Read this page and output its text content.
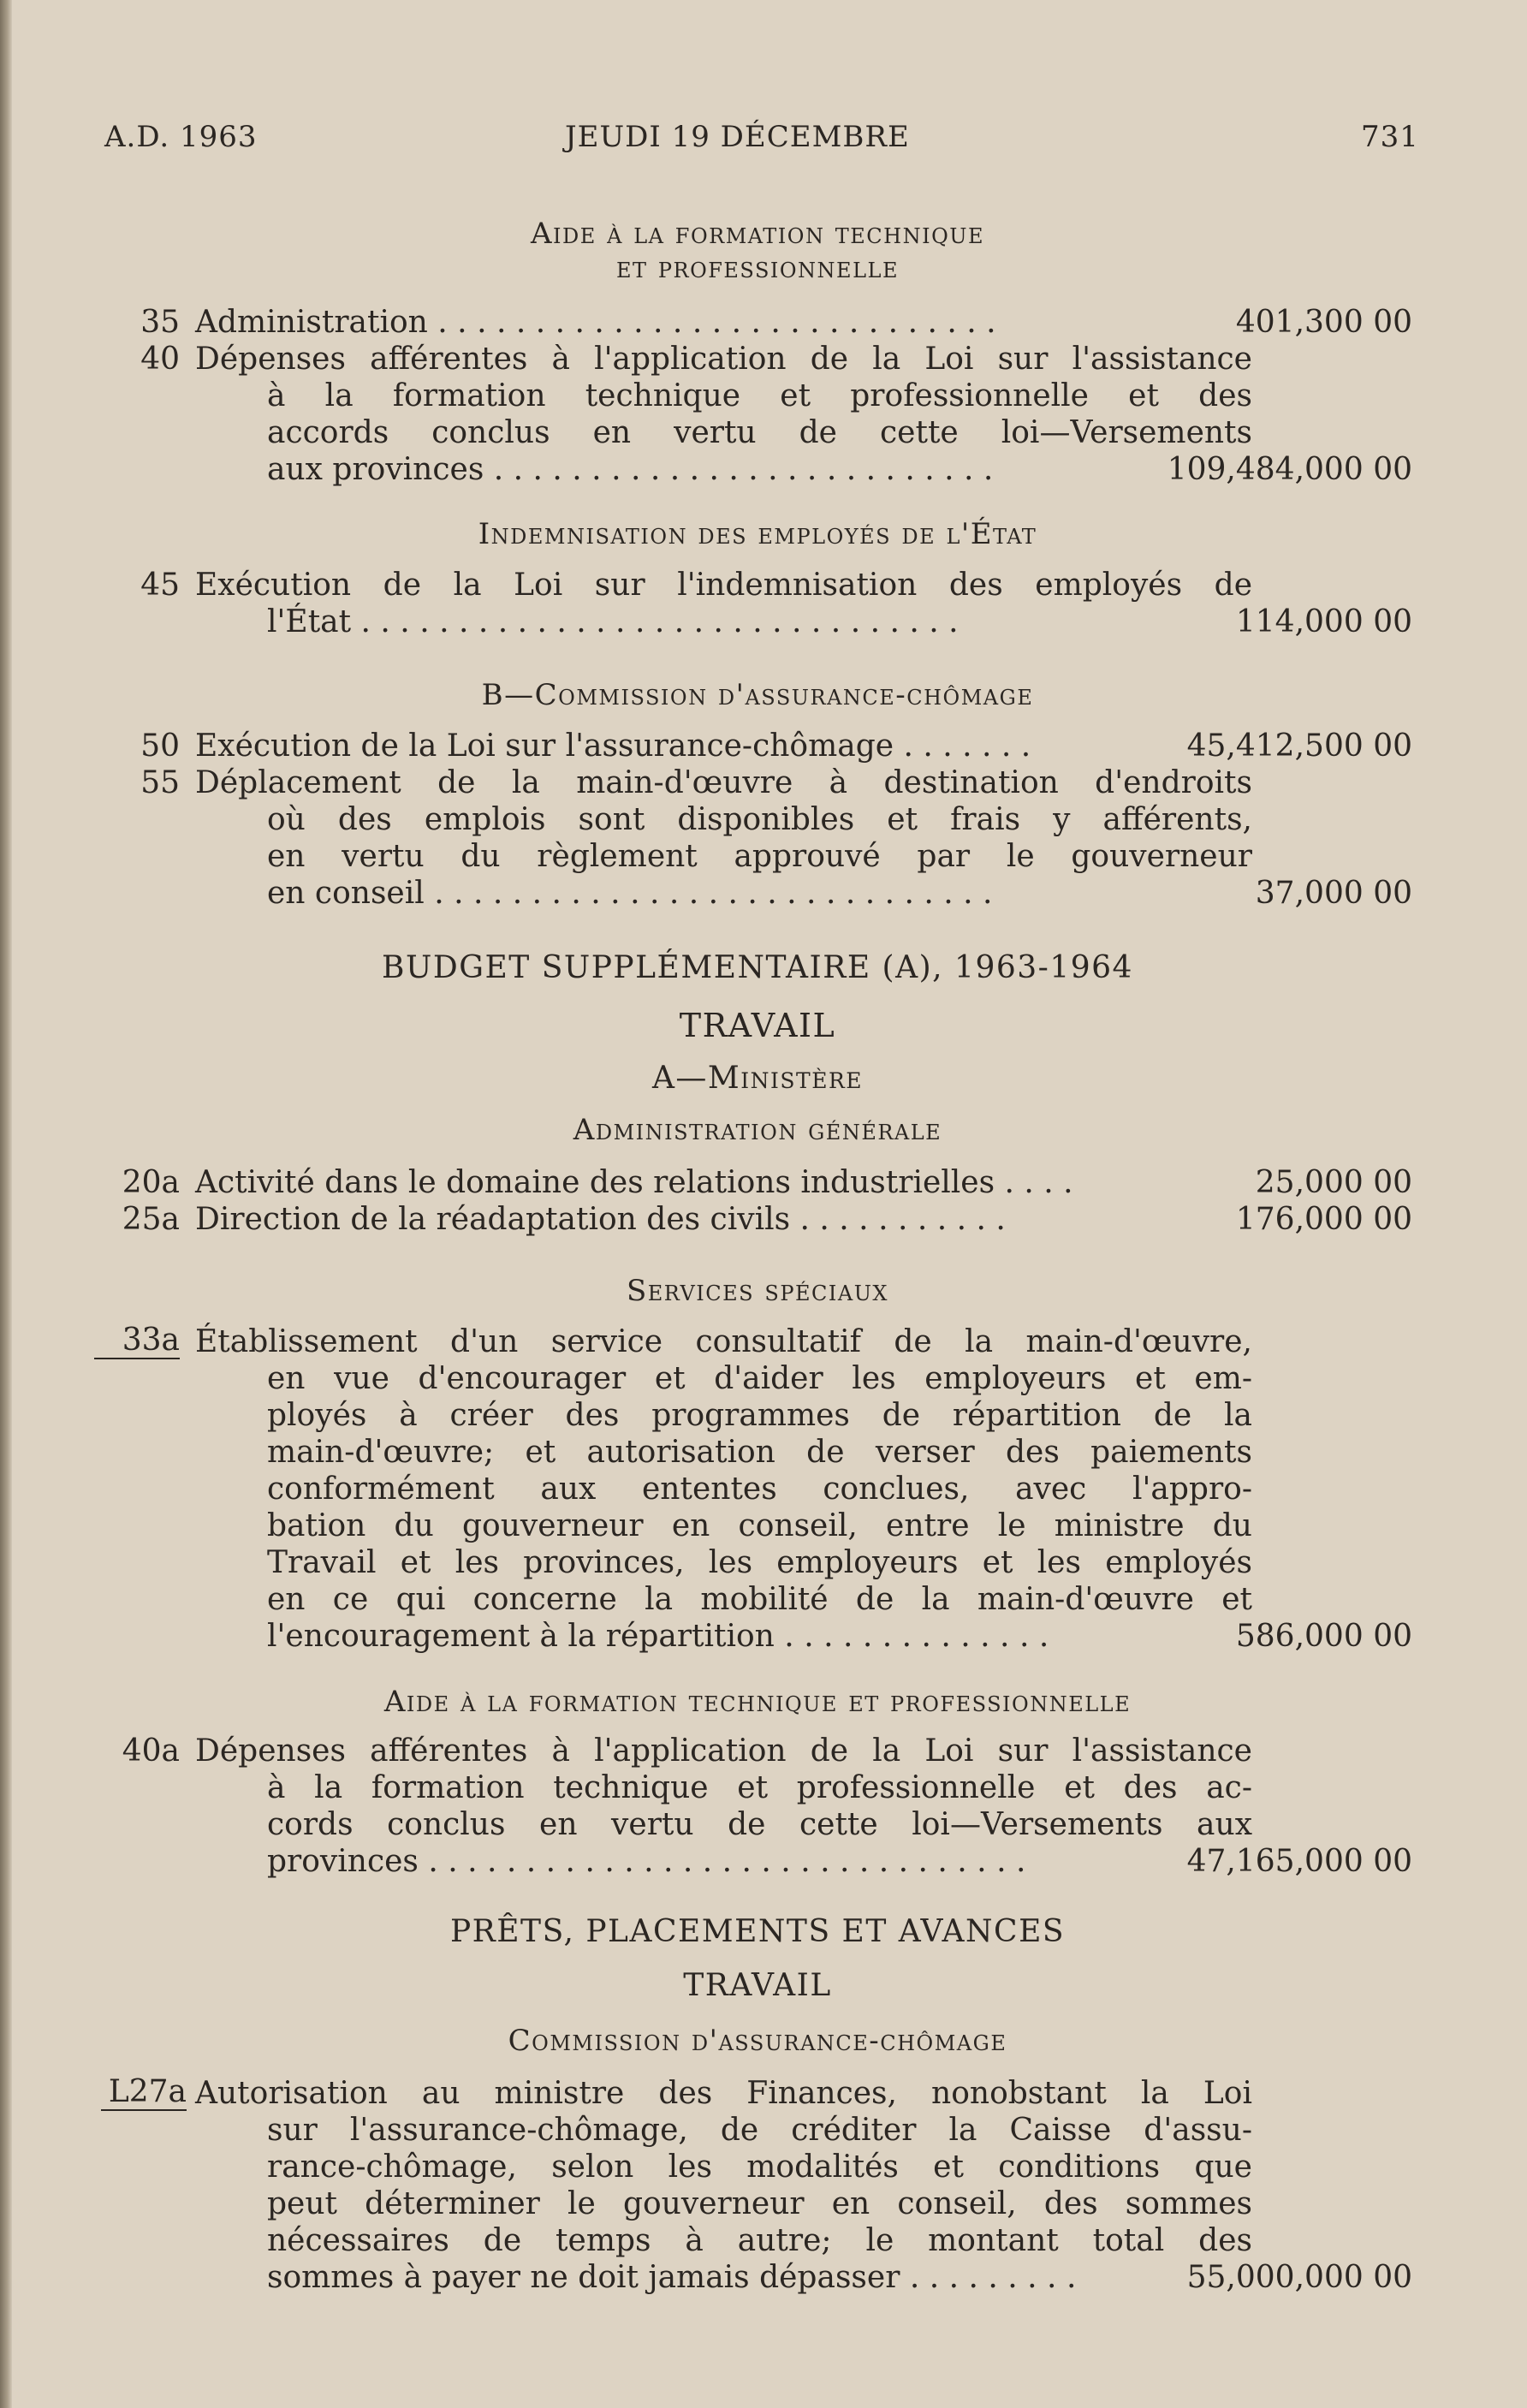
A.D. 1963	JEUDI 19 DÉCEMBRE	731
Aide à la formation technique
et professionnelle
35 Administration . . . . . . . . . . . . . . . . . . . . . . . . . . . . .	401,300 00
40 Dépenses afférentes à l'application de la Loi sur l'assistance
à la formation technique et professionnelle et des
accords conclus en vertu de cette loi—Versements
aux provinces . . . . . . . . . . . . . . . . . . . . . . . . . .	109,484,000 00
Indemnisation des employés de l'État
45 Exécution de la Loi sur l'indemnisation des employés de
l'État . . . . . . . . . . . . . . . . . . . . . . . . . . . . . . .	114,000 00
B—Commission d'assurance-chômage
50 Exécution de la Loi sur l'assurance-chômage . . . . . . .	45,412,500 00
55 Déplacement de la main-d'œuvre à destination d'endroits
où des emplois sont disponibles et frais y afférents,
en vertu du règlement approuvé par le gouverneur
en conseil . . . . . . . . . . . . . . . . . . . . . . . . . . . . .	37,000 00
BUDGET SUPPLÉMENTAIRE (A), 1963-1964
TRAVAIL
A—Ministère
Administration générale
20a Activité dans le domaine des relations industrielles . . . .	25,000 00
25a Direction de la réadaptation des civils . . . . . . . . . . .	176,000 00
Services spéciaux
33a Établissement d'un service consultatif de la main-d'œuvre,
en vue d'encourager et d'aider les employeurs et em-
ployés à créer des programmes de répartition de la
main-d'œuvre; et autorisation de verser des paiements
conformément aux ententes conclues, avec l'appro-
bation du gouverneur en conseil, entre le ministre du
Travail et les provinces, les employeurs et les employés
en ce qui concerne la mobilité de la main-d'œuvre et
l'encouragement à la répartition . . . . . . . . . . . . . .	586,000 00
Aide à la formation technique et professionnelle
40a Dépenses afférentes à l'application de la Loi sur l'assistance
à la formation technique et professionnelle et des ac-
cords conclus en vertu de cette loi—Versements aux
provinces . . . . . . . . . . . . . . . . . . . . . . . . . . . . . . .	47,165,000 00
PRÊTS, PLACEMENTS ET AVANCES
TRAVAIL
Commission d'assurance-chômage
L27a Autorisation au ministre des Finances, nonobstant la Loi
sur l'assurance-chômage, de créditer la Caisse d'assu-
rance-chômage, selon les modalités et conditions que
peut déterminer le gouverneur en conseil, des sommes
nécessaires de temps à autre; le montant total des
sommes à payer ne doit jamais dépasser . . . . . . . . .	55,000,000 00
